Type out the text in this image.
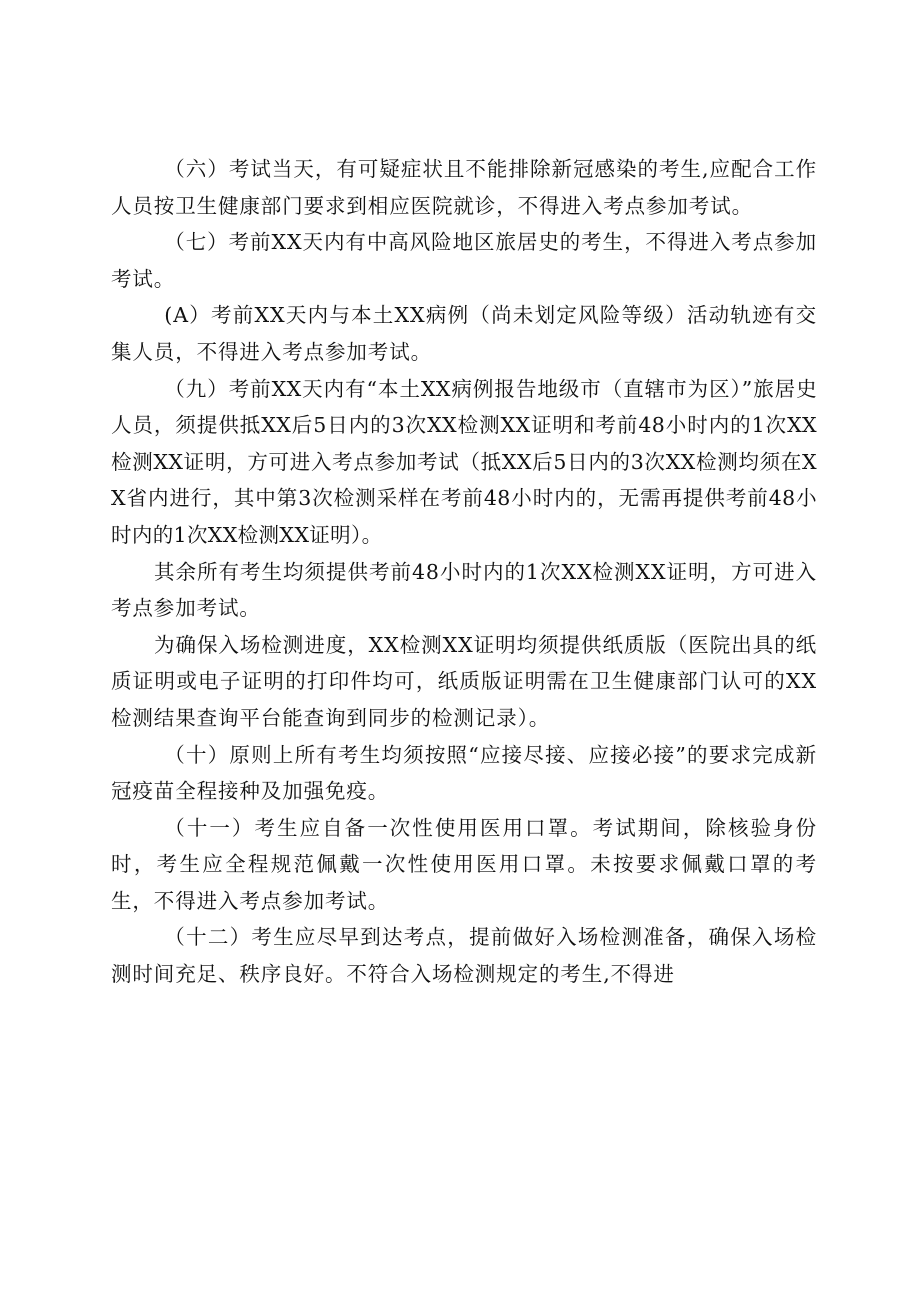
（六）考试当天，有可疑症状且不能排除新冠感染的考生,应配合工作人员按卫生健康部门要求到相应医院就诊，不得进入考点参加考试。

（七）考前XX天内有中高风险地区旅居史的考生，不得进入考点参加考试。

(A）考前XX天内与本土XX病例（尚未划定风险等级）活动轨迹有交集人员，不得进入考点参加考试。

（九）考前XX天内有“本土XX病例报告地级市（直辖市为区）”旅居史人员，须提供抵XX后5日内的3次XX检测XX证明和考前48小时内的1次XX检测XX证明，方可进入考点参加考试（抵XX后5日内的3次XX检测均须在XX省内进行，其中第3次检测采样在考前48小时内的，无需再提供考前48小时内的1次XX检测XX证明）。

其余所有考生均须提供考前48小时内的1次XX检测XX证明，方可进入考点参加考试。

为确保入场检测进度，XX检测XX证明均须提供纸质版（医院出具的纸质证明或电子证明的打印件均可，纸质版证明需在卫生健康部门认可的XX检测结果查询平台能查询到同步的检测记录）。

（十）原则上所有考生均须按照“应接尽接、应接必接”的要求完成新冠疫苗全程接种及加强免疫。

（十一）考生应自备一次性使用医用口罩。考试期间，除核验身份时，考生应全程规范佩戴一次性使用医用口罩。未按要求佩戴口罩的考生，不得进入考点参加考试。

（十二）考生应尽早到达考点，提前做好入场检测准备，确保入场检测时间充足、秩序良好。不符合入场检测规定的考生,不得进
